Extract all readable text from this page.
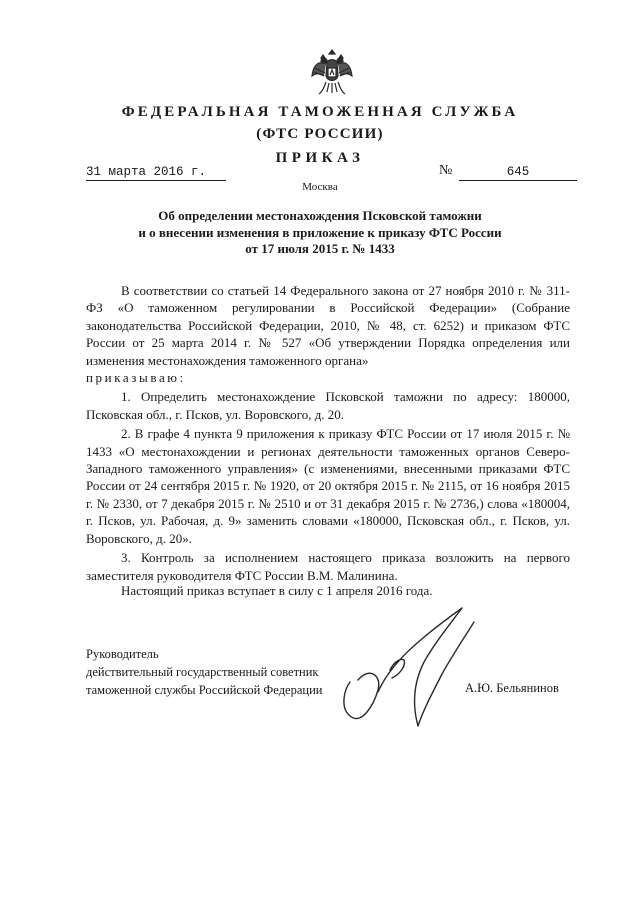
ФЕДЕРАЛЬНАЯ ТАМОЖЕННАЯ СЛУЖБА
(ФТС РОССИИ)
ПРИКАЗ
31 марта 2016 г.	№	645
Москва
Об определении местонахождения Псковской таможни
и о внесении изменения в приложение к приказу ФТС России
от 17 июля 2015 г. № 1433

В соответствии со статьей 14 Федерального закона от 27 ноября 2010 г. № 311-ФЗ «О таможенном регулировании в Российской Федерации» (Собрание законодательства Российской Федерации, 2010, № 48, ст. 6252) и приказом ФТС России от 25 марта 2014 г. № 527 «Об утверждении Порядка определения или изменения местонахождения таможенного органа»

приказываю:

1. Определить местонахождение Псковской таможни по адресу: 180000, Псковская обл., г. Псков, ул. Воровского, д. 20.

2. В графе 4 пункта 9 приложения к приказу ФТС России от 17 июля 2015 г. № 1433 «О местонахождении и регионах деятельности таможенных органов Северо-Западного таможенного управления» (с изменениями, внесенными приказами ФТС России от 24 сентября 2015 г. № 1920, от 20 октября 2015 г. № 2115, от 16 ноября 2015 г. № 2330, от 7 декабря 2015 г. № 2510 и от 31 декабря 2015 г. № 2736,) слова «180004, г. Псков, ул. Рабочая, д. 9» заменить словами «180000, Псковская обл., г. Псков, ул. Воровского, д. 20».

3. Контроль за исполнением настоящего приказа возложить на первого заместителя руководителя ФТС России В.М. Малинина.

Настоящий приказ вступает в силу с 1 апреля 2016 года.
Руководитель
действительный государственный советник
таможенной службы Российской Федерации	А.Ю. Бельянинов
